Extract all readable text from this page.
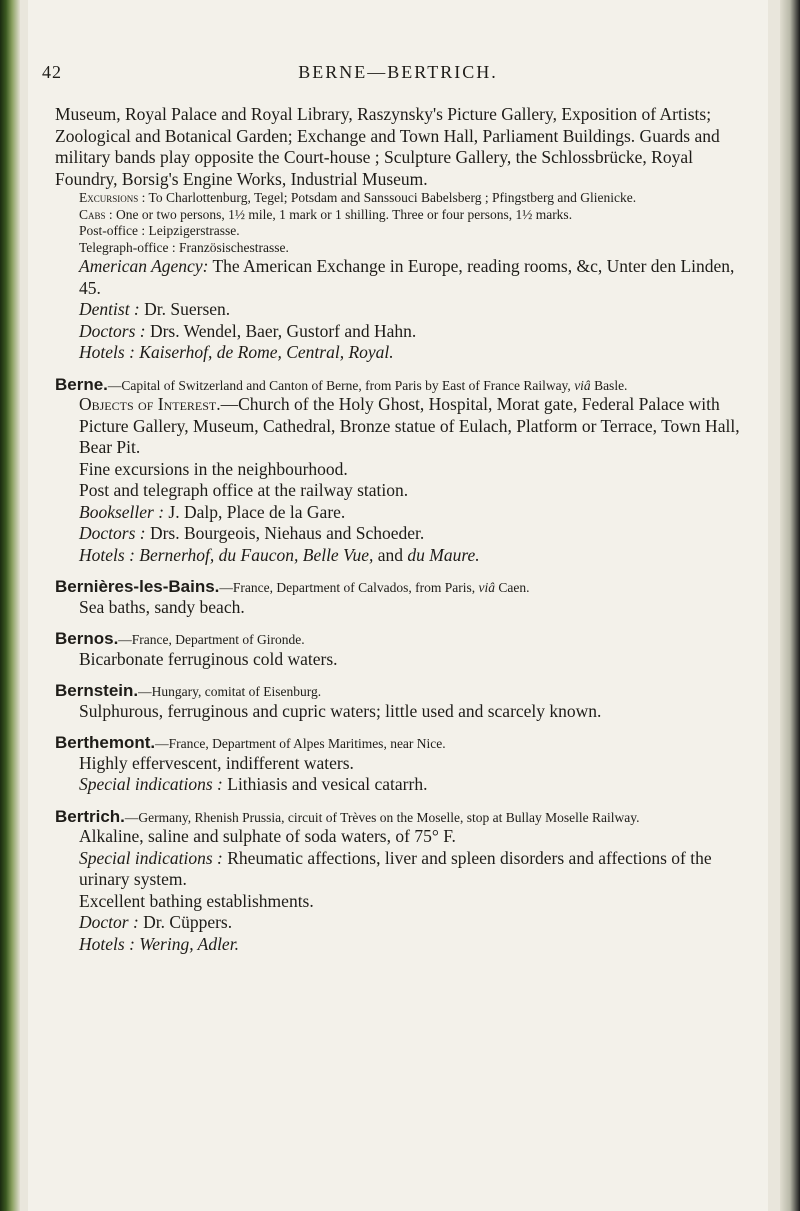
42	BERNE—BERTRICH.

Museum, Royal Palace and Royal Library, Raszynsky's Picture Gallery, Exposition of Artists; Zoological and Botanical Garden; Exchange and Town Hall, Parliament Buildings. Guards and military bands play opposite the Court-house ; Sculpture Gallery, the Schlossbrücke, Royal Foundry, Borsig's Engine Works, Industrial Museum.

Excursions : To Charlottenburg, Tegel; Potsdam and Sanssouci Babelsberg ; Pfingstberg and Glienicke.

Cabs : One or two persons, 1½ mile, 1 mark or 1 shilling. Three or four persons, 1½ marks.

Post-office : Leipzigerstrasse.

Telegraph-office : Französischestrasse.

American Agency: The American Exchange in Europe, reading rooms, &c, Unter den Linden, 45.

Dentist : Dr. Suersen.

Doctors : Drs. Wendel, Baer, Gustorf and Hahn.

Hotels : Kaiserhof, de Rome, Central, Royal.

Berne.—Capital of Switzerland and Canton of Berne, from Paris by East of France Railway, viâ Basle.

Objects of Interest.—Church of the Holy Ghost, Hospital, Morat gate, Federal Palace with Picture Gallery, Museum, Cathedral, Bronze statue of Eulach, Platform or Terrace, Town Hall, Bear Pit.

Fine excursions in the neighbourhood.

Post and telegraph office at the railway station.

Bookseller : J. Dalp, Place de la Gare.

Doctors : Drs. Bourgeois, Niehaus and Schoeder.

Hotels : Bernerhof, du Faucon, Belle Vue, and du Maure.

Bernières-les-Bains.—France, Department of Calvados, from Paris, viâ Caen.

Sea baths, sandy beach.

Bernos.—France, Department of Gironde.

Bicarbonate ferruginous cold waters.

Bernstein.—Hungary, comitat of Eisenburg.

Sulphurous, ferruginous and cupric waters; little used and scarcely known.

Berthemont.—France, Department of Alpes Maritimes, near Nice.

Highly effervescent, indifferent waters.

Special indications : Lithiasis and vesical catarrh.

Bertrich.—Germany, Rhenish Prussia, circuit of Trèves on the Moselle, stop at Bullay Moselle Railway.

Alkaline, saline and sulphate of soda waters, of 75° F.

Special indications : Rheumatic affections, liver and spleen disorders and affections of the urinary system.

Excellent bathing establishments.

Doctor : Dr. Cüppers.

Hotels : Wering, Adler.
